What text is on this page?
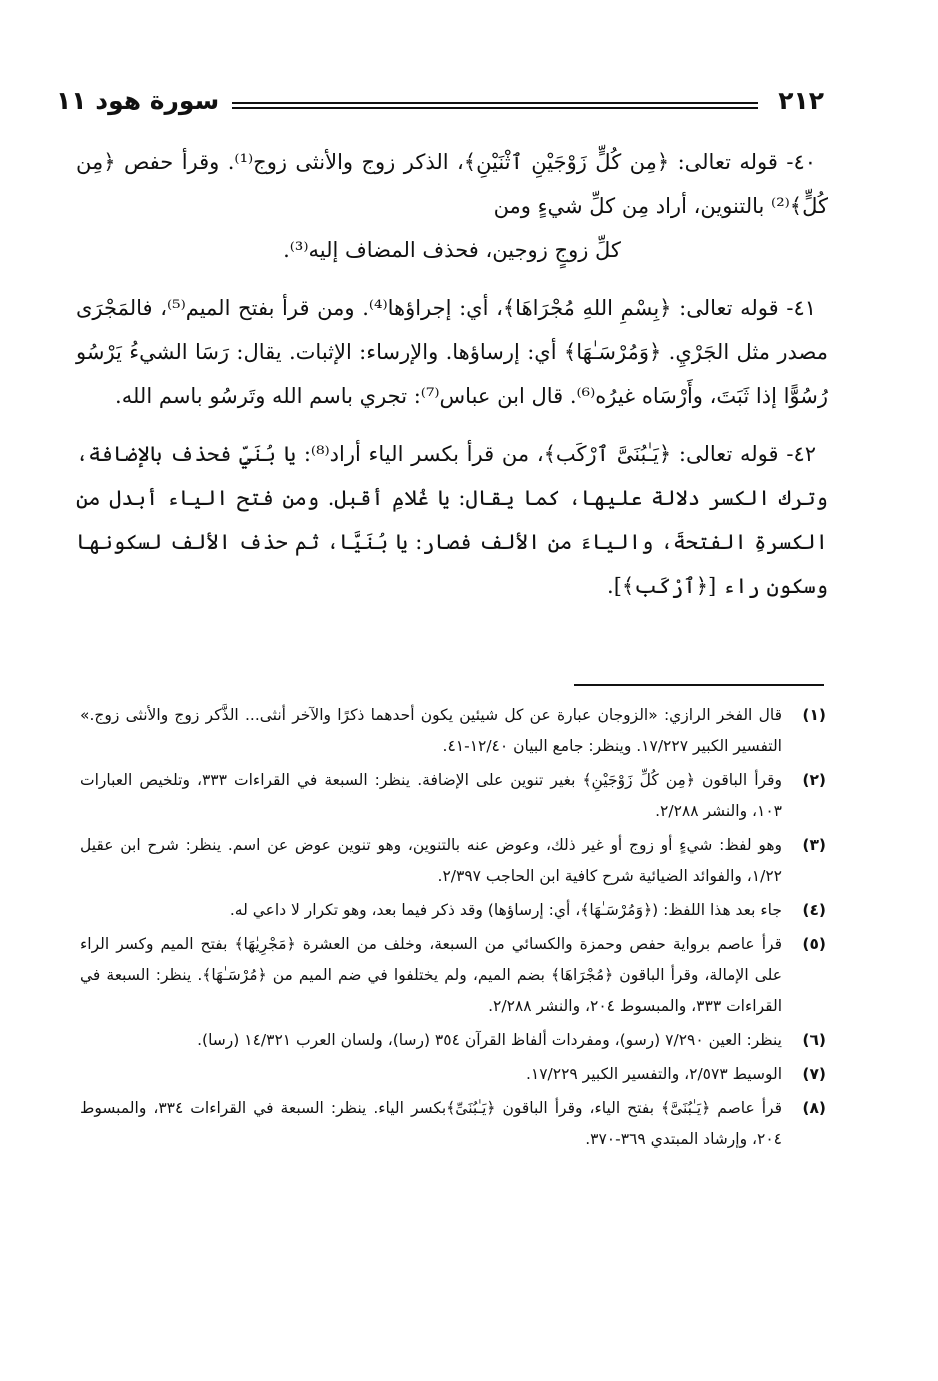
٢١٢
سورة هود ١١

٤٠- قوله تعالى: ﴿مِن كُلٍّ زَوْجَيْنِ ٱثْنَيْنِ﴾، الذكر زوج والأنثى زوج⁽¹⁾. وقرأ حفص ﴿مِن كُلٍّ﴾⁽²⁾ بالتنوين، أراد مِن كلِّ شيءٍ ومن
كلِّ زوجٍ زوجين، فحذف المضاف إليه⁽³⁾.

٤١- قوله تعالى: ﴿بِسْمِ اللهِ مُجْرَاهَا﴾، أي: إجراؤها⁽⁴⁾. ومن قرأ بفتح الميم⁽⁵⁾، فالمَجْرَى مصدر مثل الجَرْيِ. ﴿وَمُرْسَـٰهَا﴾ أي: إرساؤها. والإرساء: الإثبات. يقال: رَسَا الشيءُ يَرْسُو رُسُوًّا إذا ثَبَتَ، وأَرْسَاه غيرُه⁽⁶⁾. قال ابن عباس⁽⁷⁾: تجري باسم الله وتَرسُو باسم الله.

٤٢- قوله تعالى: ﴿يَـٰبُنَىَّ ٱرْكَب﴾، من قرأ بكسر الياء أراد⁽⁸⁾: يا بُنَيِّ فحذف بالإضافة، وترك الكسر دلالة عليها، كما يقال: يا غُلامِ أقبل. ومن فتح الياء أبدل من الكسرةِ الفتحةَ، والياءَ من الألف فصار: يا بُنَيَّا، ثم حذف الألف لسكونها وسكون راء [﴿ٱرْكَب﴾].

(١)
قال الفخر الرازي: «الزوجان عبارة عن كل شيئين يكون أحدهما ذكرًا والآخر أنثى... الذَّكر زوج والأنثى زوج.» التفسير الكبير ١٧/٢٢٧. وينظر: جامع البيان ١٢/٤٠-٤١.
(٢)
وقرأ الباقون ﴿مِن كُلِّ زَوْجَيْنِ﴾ بغير تنوين على الإضافة. ينظر: السبعة في القراءات ٣٣٣، وتلخيص العبارات ١٠٣، والنشر ٢/٢٨٨.
(٣)
وهو لفظ: شيءٍ أو زوج أو غير ذلك، وعوض عنه بالتنوين، وهو تنوين عوض عن اسم. ينظر: شرح ابن عقيل ١/٢٢، والفوائد الضيائية شرح كافية ابن الحاجب ٢/٣٩٧.
(٤)
جاء بعد هذا اللفظ: (﴿وَمُرْسَـٰهَا﴾، أي: إرساؤها) وقد ذكر فيما بعد، وهو تكرار لا داعي له.
(٥)
قرأ عاصم برواية حفص وحمزة والكسائي من السبعة، وخلف من العشرة ﴿مَجْرِيٰهَا﴾ بفتح الميم وكسر الراء على الإمالة، وقرأ الباقون ﴿مُجْرَاهَا﴾ بضم الميم، ولم يختلفوا في ضم الميم من ﴿مُرْسَـٰهَا﴾. ينظر: السبعة في القراءات ٣٣٣، والمبسوط ٢٠٤، والنشر ٢/٢٨٨.
(٦)
ينظر: العين ٧/٢٩٠ (رسو)، ومفردات ألفاظ القرآن ٣٥٤ (رسا)، ولسان العرب ١٤/٣٢١ (رسا).
(٧)
الوسيط ٢/٥٧٣، والتفسير الكبير ١٧/٢٢٩.
(٨)
قرأ عاصم ﴿يَـٰبُنَىَّ﴾ بفتح الياء، وقرأ الباقون ﴿يَـٰبُنَىِّ﴾بكسر الياء. ينظر: السبعة في القراءات ٣٣٤، والمبسوط ٢٠٤، وإرشاد المبتدي ٣٦٩-٣٧٠.
